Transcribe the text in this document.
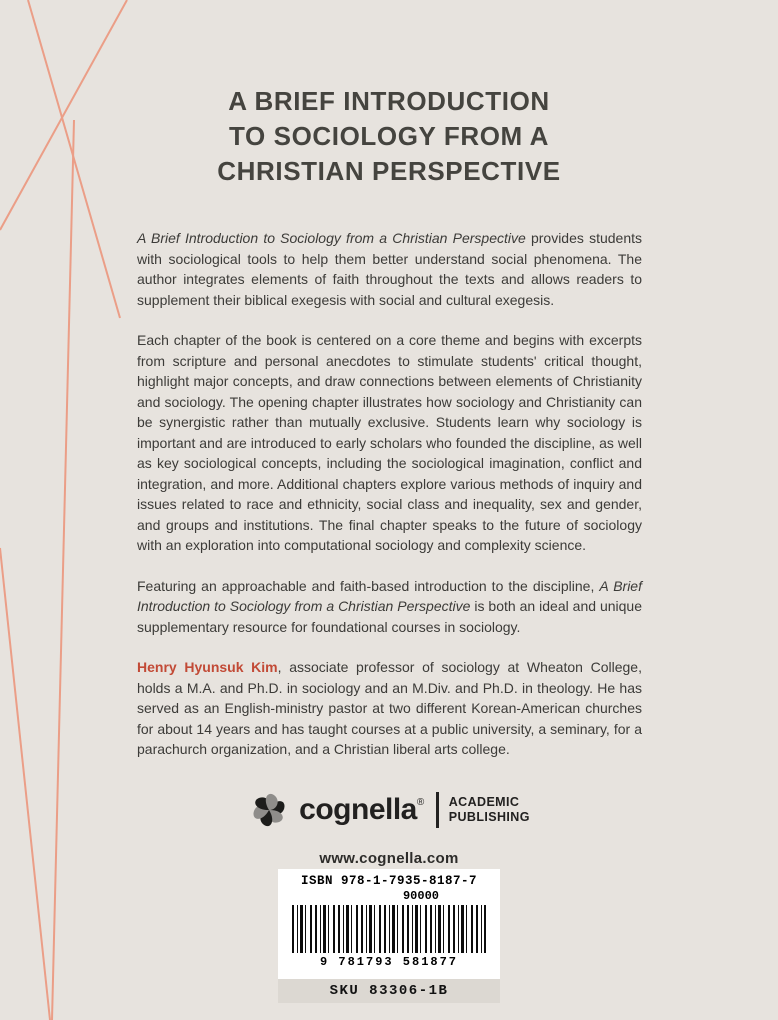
A BRIEF INTRODUCTION
TO SOCIOLOGY FROM A
CHRISTIAN PERSPECTIVE

A Brief Introduction to Sociology from a Christian Perspective provides students with sociological tools to help them better understand social phenomena. The author integrates elements of faith throughout the texts and allows readers to supplement their biblical exegesis with social and cultural exegesis.

Each chapter of the book is centered on a core theme and begins with excerpts from scripture and personal anecdotes to stimulate students' critical thought, highlight major concepts, and draw connections between elements of Christianity and sociology. The opening chapter illustrates how sociology and Christianity can be synergistic rather than mutually exclusive. Students learn why sociology is important and are introduced to early scholars who founded the discipline, as well as key sociological concepts, including the sociological imagination, conflict and integration, and more. Additional chapters explore various methods of inquiry and issues related to race and ethnicity, social class and inequality, sex and gender, and groups and institutions. The final chapter speaks to the future of sociology with an exploration into computational sociology and complexity science.

Featuring an approachable and faith-based introduction to the discipline, A Brief Introduction to Sociology from a Christian Perspective is both an ideal and unique supplementary resource for foundational courses in sociology.

Henry Hyunsuk Kim, associate professor of sociology at Wheaton College, holds a M.A. and Ph.D. in sociology and an M.Div. and Ph.D. in theology. He has served as an English-ministry pastor at two different Korean-American churches for about 14 years and has taught courses at a public university, a seminary, for a parachurch organization, and a Christian liberal arts college.

cognella® ACADEMIC
PUBLISHING
www.cognella.com
ISBN 978-1-7935-8187-7
90000
9 781793 581877
SKU 83306-1B
